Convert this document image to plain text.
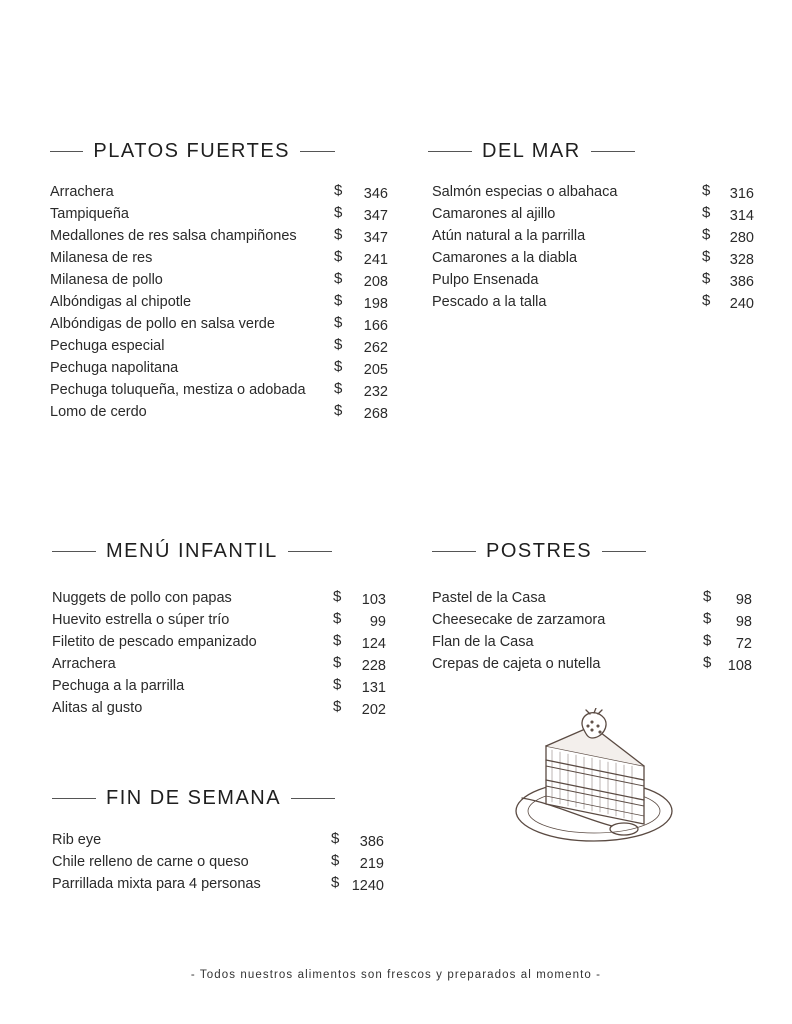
PLATOS FUERTES
Arrachera	$	346
Tampiqueña	$	347
Medallones de res salsa champiñones $	347
Milanesa de res	$	241
Milanesa de pollo	$	208
Albóndigas al chipotle	$	198
Albóndigas de pollo en salsa verde	$	166
Pechuga especial	$	262
Pechuga napolitana	$	205
Pechuga toluqueña, mestiza o adobada $	232
Lomo de cerdo	$	268
DEL MAR
Salmón especias o albahaca	$	316
Camarones al ajillo	$	314
Atún natural a la parrilla	$	280
Camarones a la diabla	$	328
Pulpo Ensenada	$	386
Pescado a la talla	$	240
MENÚ INFANTIL
Nuggets de pollo con papas	$	103
Huevito estrella o súper trío	$	99
Filetito de pescado empanizado	$	124
Arrachera	$	228
Pechuga a la parrilla	$	131
Alitas al gusto	$	202
POSTRES
Pastel de la Casa	$	98
Cheesecake de zarzamora	$	98
Flan de la Casa	$	72
Crepas de cajeta o nutella	$	108
FIN DE SEMANA
Rib eye	$	386
Chile relleno de carne o queso	$	219
Parrillada mixta para 4 personas	$ 1240
- Todos nuestros alimentos son frescos y preparados al momento -
